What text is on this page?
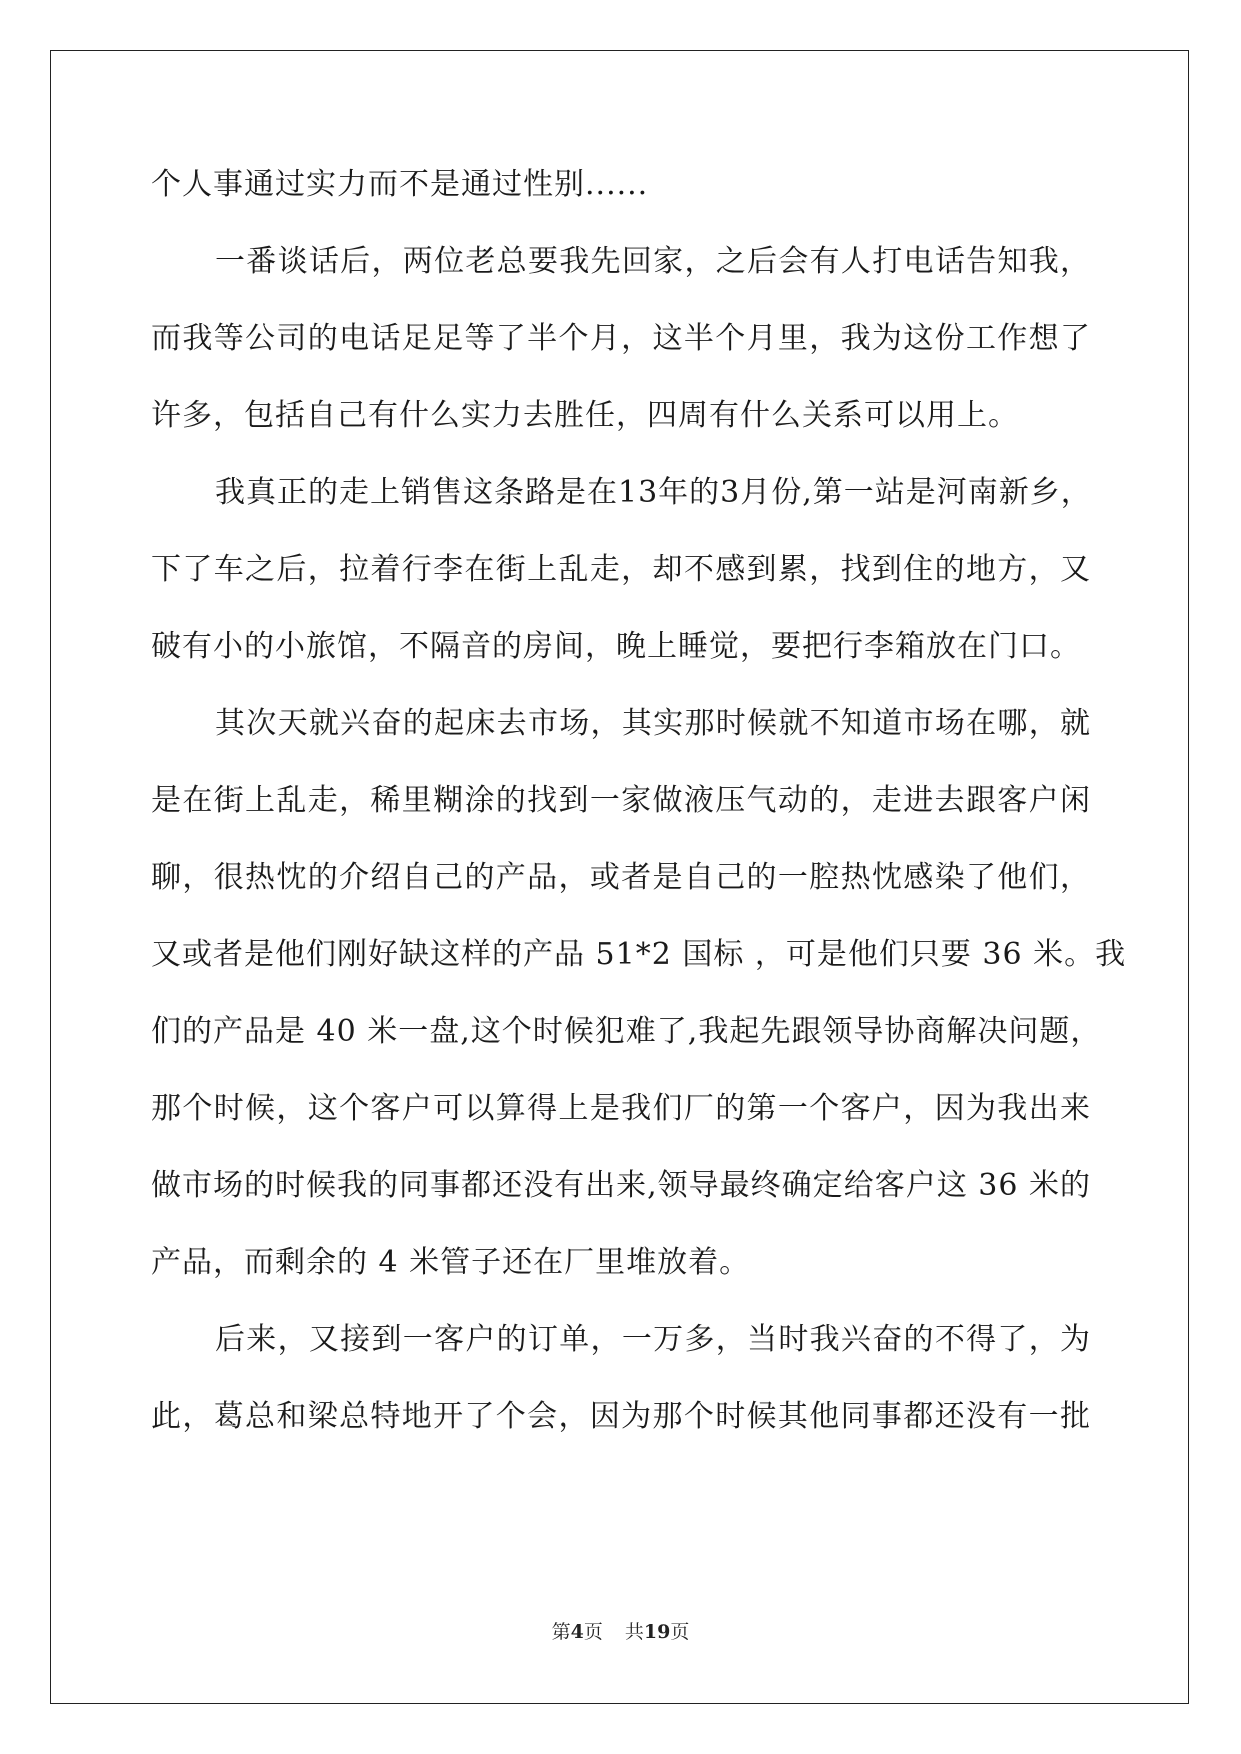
个人事通过实力而不是通过性别......
一番谈话后，两位老总要我先回家，之后会有人打电话告知我，
而我等公司的电话足足等了半个月，这半个月里，我为这份工作想了
许多，包括自己有什么实力去胜任，四周有什么关系可以用上。
我真正的走上销售这条路是在13年的3月份,第一站是河南新乡，
下了车之后，拉着行李在街上乱走，却不感到累，找到住的地方，又
破有小的小旅馆，不隔音的房间，晚上睡觉，要把行李箱放在门口。
其次天就兴奋的起床去市场，其实那时候就不知道市场在哪，就
是在街上乱走，稀里糊涂的找到一家做液压气动的，走进去跟客户闲
聊，很热忱的介绍自己的产品，或者是自己的一腔热忱感染了他们，
又或者是他们刚好缺这样的产品 51*2 国标 ，可是他们只要 36 米。我
们的产品是 40 米一盘,这个时候犯难了,我起先跟领导协商解决问题，
那个时候，这个客户可以算得上是我们厂的第一个客户，因为我出来
做市场的时候我的同事都还没有出来,领导最终确定给客户这 36 米的
产品，而剩余的 4 米管子还在厂里堆放着。
后来，又接到一客户的订单，一万多，当时我兴奋的不得了，为
此，葛总和梁总特地开了个会，因为那个时候其他同事都还没有一批
第4页 共19页
